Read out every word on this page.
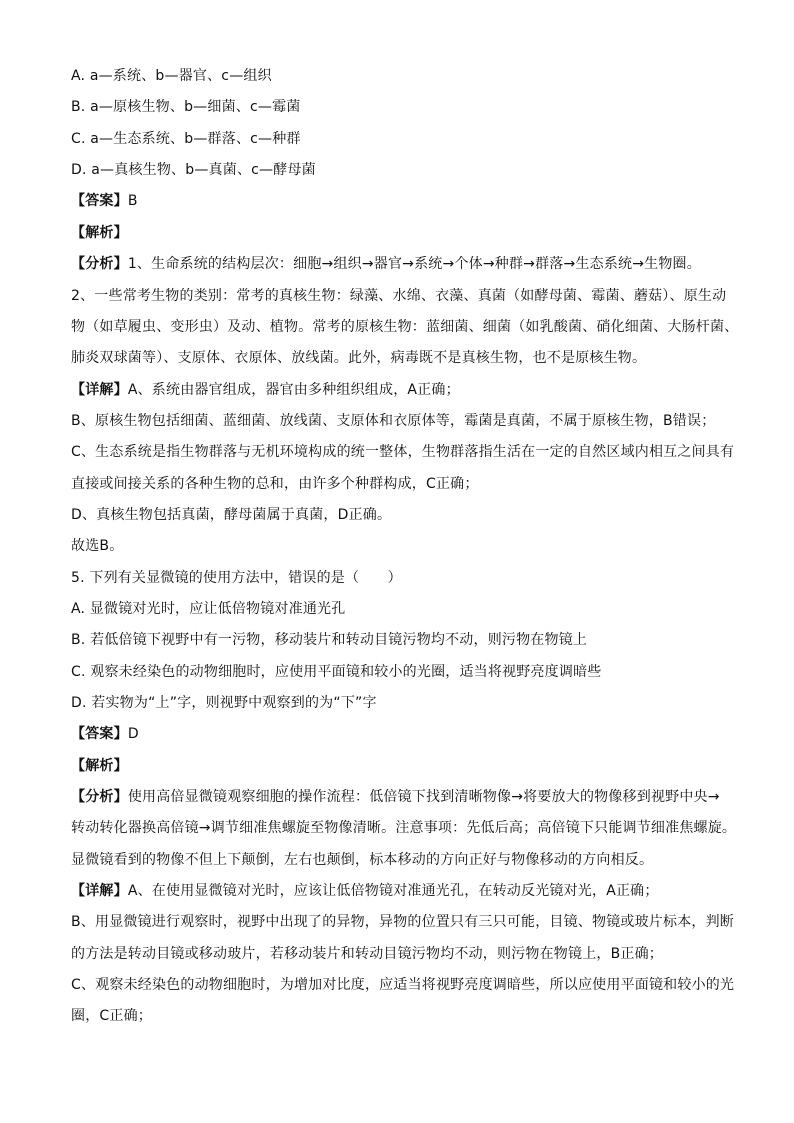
A. a—系统、b—器官、c—组织
B. a—原核生物、b—细菌、c—霉菌
C. a—生态系统、b—群落、c—种群
D. a—真核生物、b—真菌、c—酵母菌
【答案】B
【解析】
【分析】1、生命系统的结构层次：细胞→组织→器官→系统→个体→种群→群落→生态系统→生物圈。
2、一些常考生物的类别：常考的真核生物：绿藻、水绵、衣藻、真菌（如酵母菌、霉菌、蘑菇）、原生动
物（如草履虫、变形虫）及动、植物。常考的原核生物：蓝细菌、细菌（如乳酸菌、硝化细菌、大肠杆菌、
肺炎双球菌等）、支原体、衣原体、放线菌。此外，病毒既不是真核生物，也不是原核生物。
【详解】A、系统由器官组成，器官由多种组织组成，A正确；
B、原核生物包括细菌、蓝细菌、放线菌、支原体和衣原体等，霉菌是真菌，不属于原核生物，B错误；
C、生态系统是指生物群落与无机环境构成的统一整体，生物群落指生活在一定的自然区域内相互之间具有
直接或间接关系的各种生物的总和，由许多个种群构成，C正确；
D、真核生物包括真菌，酵母菌属于真菌，D正确。
故选B。
5. 下列有关显微镜的使用方法中，错误的是（　　）
A. 显微镜对光时，应让低倍物镜对准通光孔
B. 若低倍镜下视野中有一污物，移动装片和转动目镜污物均不动，则污物在物镜上
C. 观察未经染色的动物细胞时，应使用平面镜和较小的光圈，适当将视野亮度调暗些
D. 若实物为“上”字，则视野中观察到的为“下”字
【答案】D
【解析】
【分析】使用高倍显微镜观察细胞的操作流程：低倍镜下找到清晰物像→将要放大的物像移到视野中央→
转动转化器换高倍镜→调节细准焦螺旋至物像清晰。注意事项：先低后高；高倍镜下只能调节细准焦螺旋。
显微镜看到的物像不但上下颠倒，左右也颠倒，标本移动的方向正好与物像移动的方向相反。
【详解】A、在使用显微镜对光时，应该让低倍物镜对准通光孔，在转动反光镜对光，A正确；
B、用显微镜进行观察时，视野中出现了的异物，异物的位置只有三只可能，目镜、物镜或玻片标本，判断
的方法是转动目镜或移动玻片，若移动装片和转动目镜污物均不动，则污物在物镜上，B正确；
C、观察未经染色的动物细胞时，为增加对比度，应适当将视野亮度调暗些，所以应使用平面镜和较小的光
圈，C正确；
